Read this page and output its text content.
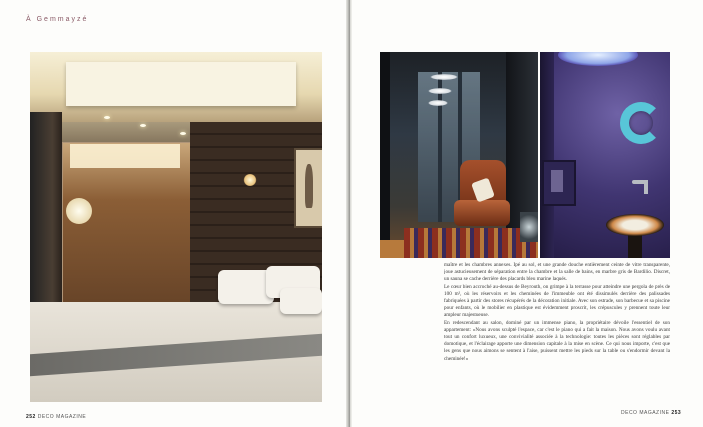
À Gemmayzé

maître et les chambres annexes. Ipé au sol, et une grande douche entièrement ceinte de vitre transparente, joue astucieusement de séparation entre la chambre et la salle de bains, en marbre gris de Bardilio. Discret, un sauna se cache derrière des placards bleu marine laqués.

Le cœur bien accroché au-dessus de Beyrouth, on grimpe à la terrasse pour atteindre une pergola de près de 100 m², où les réservoirs et les cheminées de l'immeuble ont été dissimulés derrière des palissades fabriquées à partir des stores récupérés de la décoration initiale. Avec son estrade, son barbecue et sa piscine pour enfants, où le mobilier en plastique est évidemment proscrit, les crépuscules y prennent toute leur ampleur majestueuse.

En redescendant au salon, dominé par un immense piano, la propriétaire dévoile l'essentiel de son appartement: «Nous avons sculpté l'espace, car c'est le piano qui a fait la maison. Nous avons voulu avant tout un confort luxueux, une convivialité associée à la technologie: toutes les pièces sont réglables par domotique, et l'éclairage apporte une dimension capitale à la mise en scène. Ce qui nous importe, c'est que les gens que nous aimons se sentent à l'aise, puissent mettre les pieds sur la table ou s'endormir devant la cheminée!»

252 DECO MAGAZINE
DECO MAGAZINE 253
